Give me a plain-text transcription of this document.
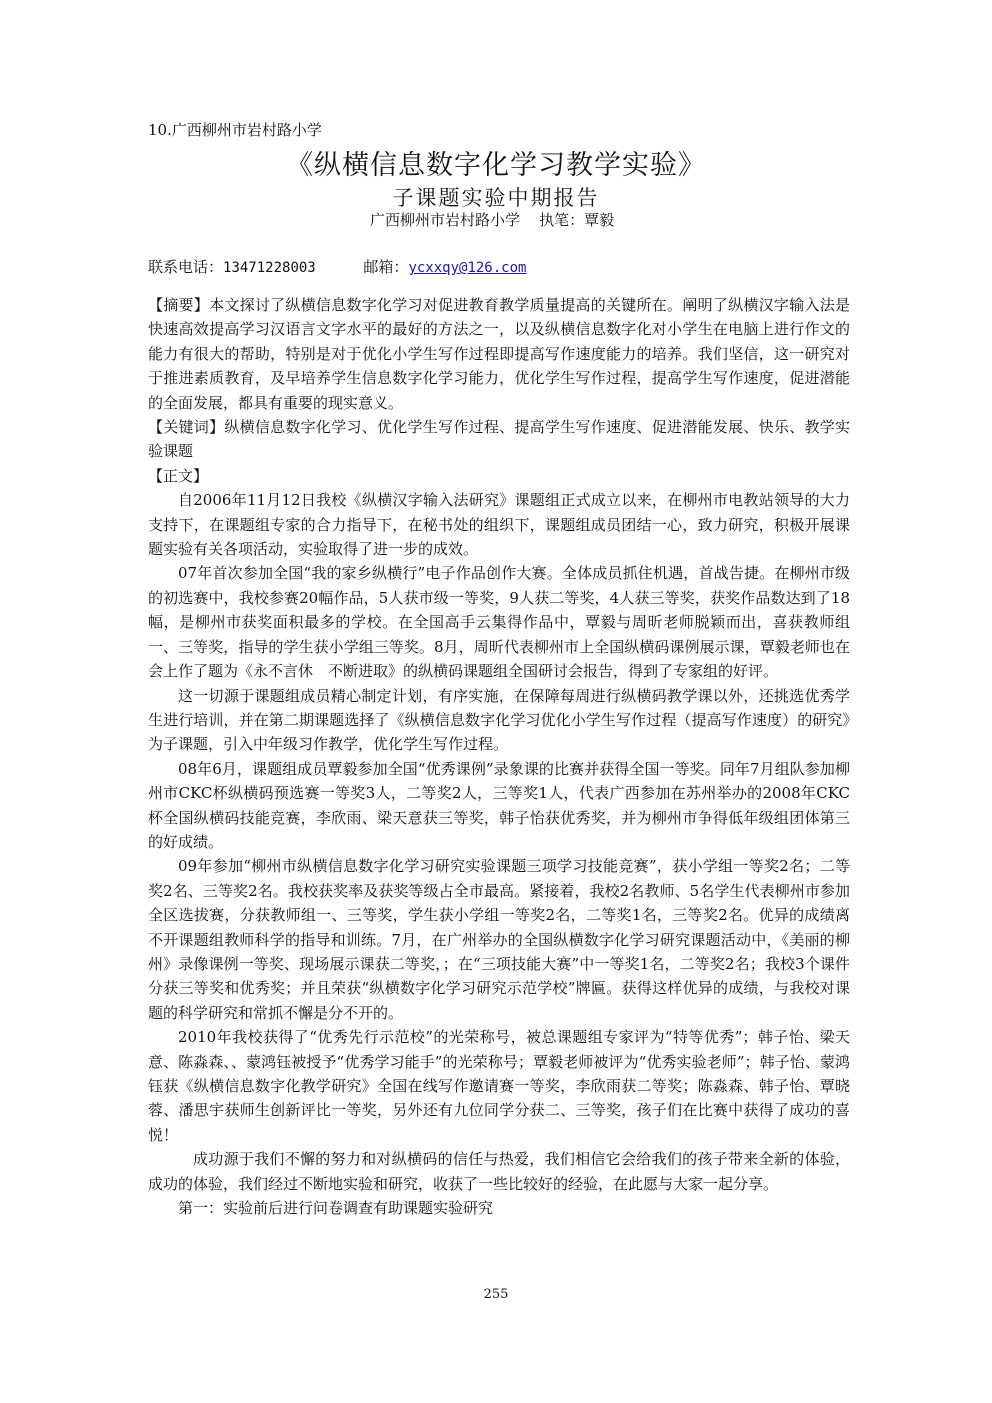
10.广西柳州市岩村路小学
《纵横信息数字化学习教学实验》
子课题实验中期报告
广西柳州市岩村路小学    执笔：覃毅
联系电话：13471228003	邮箱：ycxxqy@126.com

【摘要】本文探讨了纵横信息数字化学习对促进教育教学质量提高的关键所在。阐明了纵横汉字输入法是快速高效提高学习汉语言文字水平的最好的方法之一，以及纵横信息数字化对小学生在电脑上进行作文的能力有很大的帮助，特别是对于优化小学生写作过程即提高写作速度能力的培养。我们坚信，这一研究对于推进素质教育，及早培养学生信息数字化学习能力，优化学生写作过程，提高学生写作速度，促进潜能的全面发展，都具有重要的现实意义。

【关键词】纵横信息数字化学习、优化学生写作过程、提高学生写作速度、促进潜能发展、快乐、教学实验课题

【正文】

自2006年11月12日我校《纵横汉字输入法研究》课题组正式成立以来，在柳州市电教站领导的大力支持下，在课题组专家的合力指导下，在秘书处的组织下，课题组成员团结一心，致力研究，积极开展课题实验有关各项活动，实验取得了进一步的成效。

07年首次参加全国“我的家乡纵横行”电子作品创作大赛。全体成员抓住机遇，首战告捷。在柳州市级的初选赛中，我校参赛20幅作品，5人获市级一等奖，9人获二等奖，4人获三等奖，获奖作品数达到了18幅，是柳州市获奖面积最多的学校。在全国高手云集得作品中，覃毅与周昕老师脱颖而出，喜获教师组一、三等奖，指导的学生获小学组三等奖。8月，周昕代表柳州市上全国纵横码课例展示课，覃毅老师也在会上作了题为《永不言休　不断进取》的纵横码课题组全国研讨会报告，得到了专家组的好评。

这一切源于课题组成员精心制定计划，有序实施，在保障每周进行纵横码教学课以外，还挑选优秀学生进行培训，并在第二期课题选择了《纵横信息数字化学习优化小学生写作过程（提高写作速度）的研究》为子课题，引入中年级习作教学，优化学生写作过程。

08年6月，课题组成员覃毅参加全国“优秀课例”录象课的比赛并获得全国一等奖。同年7月组队参加柳州市CKC杯纵横码预选赛一等奖3人，二等奖2人，三等奖1人，代表广西参加在苏州举办的2008年CKC杯全国纵横码技能竞赛，李欣雨、梁天意获三等奖，韩子怡获优秀奖，并为柳州市争得低年级组团体第三的好成绩。

09年参加“柳州市纵横信息数字化学习研究实验课题三项学习技能竞赛”，获小学组一等奖2名；二等奖2名、三等奖2名。我校获奖率及获奖等级占全市最高。紧接着，我校2名教师、5名学生代表柳州市参加全区选拔赛，分获教师组一、三等奖，学生获小学组一等奖2名，二等奖1名，三等奖2名。优异的成绩离不开课题组教师科学的指导和训练。7月，在广州举办的全国纵横数字化学习研究课题活动中，《美丽的柳州》录像课例一等奖、现场展示课获二等奖，；在“三项技能大赛”中一等奖1名，二等奖2名；我校3个课件分获三等奖和优秀奖；并且荣获“纵横数字化学习研究示范学校”牌匾。获得这样优异的成绩，与我校对课题的科学研究和常抓不懈是分不开的。

2010年我校获得了“优秀先行示范校”的光荣称号，被总课题组专家评为“特等优秀”；韩子怡、梁天意、陈淼森、、蒙鸿钰被授予“优秀学习能手”的光荣称号；覃毅老师被评为“优秀实验老师”；韩子怡、蒙鸿钰获《纵横信息数字化教学研究》全国在线写作邀请赛一等奖，李欣雨获二等奖；陈淼森、韩子怡、覃晓蓉、潘思宇获师生创新评比一等奖，另外还有九位同学分获二、三等奖，孩子们在比赛中获得了成功的喜悦！

成功源于我们不懈的努力和对纵横码的信任与热爱，我们相信它会给我们的孩子带来全新的体验，成功的体验，我们经过不断地实验和研究，收获了一些比较好的经验，在此愿与大家一起分享。

第一：实验前后进行问卷调查有助课题实验研究

255
